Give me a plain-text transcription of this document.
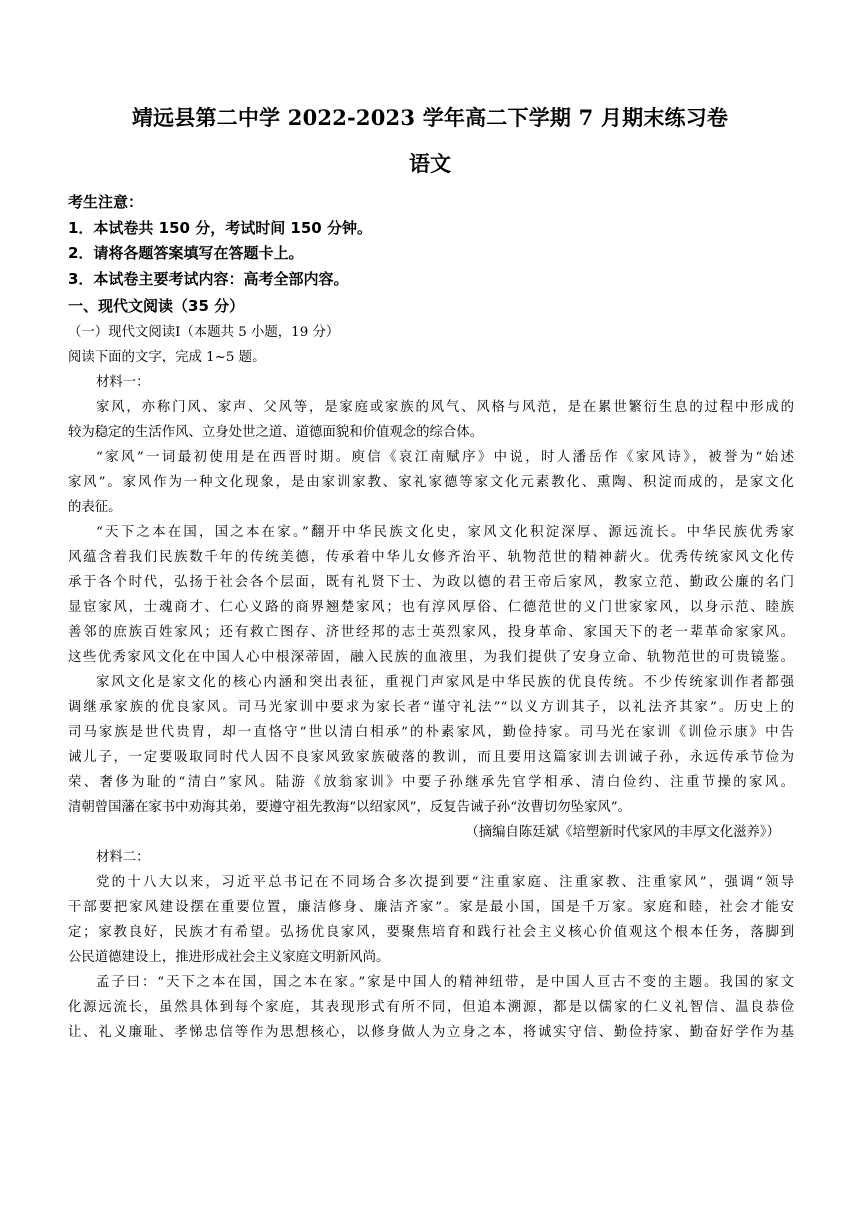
靖远县第二中学 2022-2023 学年高二下学期 7 月期末练习卷
语文
考生注意：
1．本试卷共 150 分，考试时间 150 分钟。
2．请将各题答案填写在答题卡上。
3．本试卷主要考试内容：高考全部内容。
一、现代文阅读（35 分）
（一）现代文阅读Ⅰ（本题共 5 小题，19 分）
阅读下面的文字，完成 1~5 题。
材料一：
家风，亦称门风、家声、父风等，是家庭或家族的风气、风格与风范，是在累世繁衍生息的过程中形成的
较为稳定的生活作风、立身处世之道、道德面貌和价值观念的综合体。
“家风”一词最初使用是在西晋时期。庾信《哀江南赋序》中说，时人潘岳作《家风诗》，被誉为“始述
家风”。家风作为一种文化现象，是由家训家教、家礼家德等家文化元素教化、熏陶、积淀而成的，是家文化
的表征。
“天下之本在国，国之本在家。”翻开中华民族文化史，家风文化积淀深厚、源远流长。中华民族优秀家
风蕴含着我们民族数千年的传统美德，传承着中华儿女修齐治平、轨物范世的精神薪火。优秀传统家风文化传
承于各个时代，弘扬于社会各个层面，既有礼贤下士、为政以德的君王帝后家风，教家立范、勤政公廉的名门
显宦家风，士魂商才、仁心义路的商界翘楚家风；也有淳风厚俗、仁德范世的义门世家家风，以身示范、睦族
善邻的庶族百姓家风；还有救亡图存、济世经邦的志士英烈家风，投身革命、家国天下的老一辈革命家家风。
这些优秀家风文化在中国人心中根深蒂固，融入民族的血液里，为我们提供了安身立命、轨物范世的可贵镜鉴。
家风文化是家文化的核心内涵和突出表征，重视门声家风是中华民族的优良传统。不少传统家训作者都强
调继承家族的优良家风。司马光家训中要求为家长者“谨守礼法”“以义方训其子，以礼法齐其家”。历史上的
司马家族是世代贵胄，却一直恪守“世以清白相承”的朴素家风，勤俭持家。司马光在家训《训俭示康》中告
诫儿子，一定要吸取同时代人因不良家风致家族破落的教训，而且要用这篇家训去训诫子孙，永远传承节俭为
荣、奢侈为耻的“清白”家风。陆游《放翁家训》中要子孙继承先官学相承、清白俭约、注重节操的家风。
清朝曾国藩在家书中劝海其弟，要遵守祖先教海“以绍家风”，反复告诫子孙“汝曹切勿坠家风”。
（摘编自陈廷斌《培塑新时代家风的丰厚文化滋养》）
材料二：
党的十八大以来，习近平总书记在不同场合多次提到要“注重家庭、注重家教、注重家风”，强调“领导
干部要把家风建设摆在重要位置，廉洁修身、廉洁齐家”。家是最小国，国是千万家。家庭和睦，社会才能安
定；家教良好，民族才有希望。弘扬优良家风，要聚焦培育和践行社会主义核心价值观这个根本任务，落脚到
公民道德建设上，推进形成社会主义家庭文明新风尚。
孟子曰：“天下之本在国，国之本在家。”家是中国人的精神纽带，是中国人亘古不变的主题。我国的家文
化源远流长，虽然具体到每个家庭，其表现形式有所不同，但追本溯源，都是以儒家的仁义礼智信、温良恭俭
让、礼义廉耻、孝悌忠信等作为思想核心，以修身做人为立身之本，将诚实守信、勤俭持家、勤奋好学作为基
